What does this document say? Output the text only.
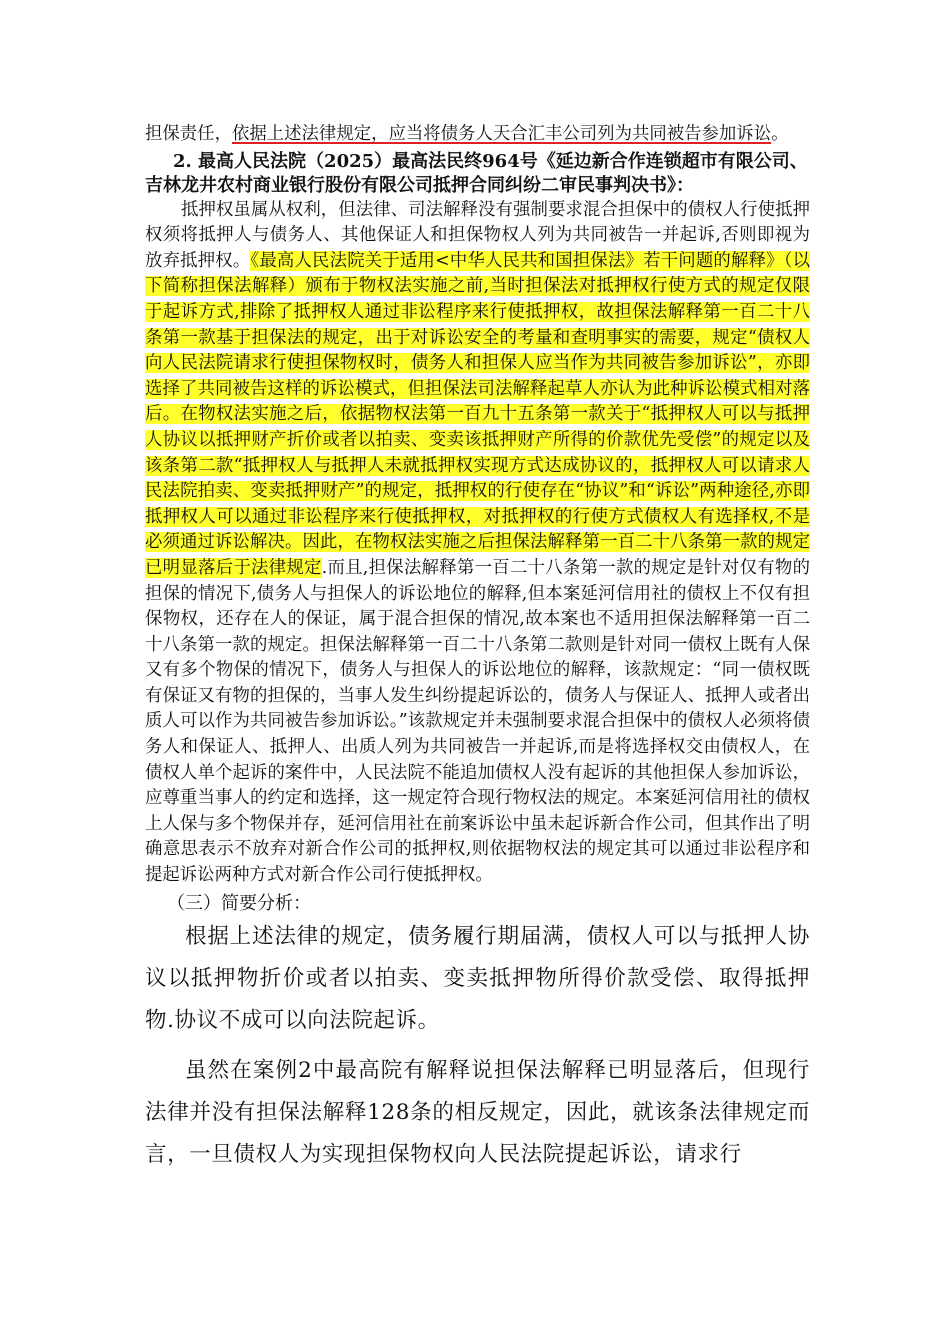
担保责任，依据上述法律规定，应当将债务人天合汇丰公司列为共同被告参加诉讼。

2. 最高人民法院（2025）最高法民终964号《延边新合作连锁超市有限公司、吉林龙井农村商业银行股份有限公司抵押合同纠纷二审民事判决书》：

抵押权虽属从权利，但法律、司法解释没有强制要求混合担保中的债权人行使抵押权须将抵押人与债务人、其他保证人和担保物权人列为共同被告一并起诉,否则即视为放弃抵押权。《最高人民法院关于适用<中华人民共和国担保法》若干问题的解释》（以下简称担保法解释）颁布于物权法实施之前,当时担保法对抵押权行使方式的规定仅限于起诉方式,排除了抵押权人通过非讼程序来行使抵押权，故担保法解释第一百二十八条第一款基于担保法的规定，出于对诉讼安全的考量和查明事实的需要，规定“债权人向人民法院请求行使担保物权时，债务人和担保人应当作为共同被告参加诉讼”，亦即选择了共同被告这样的诉讼模式，但担保法司法解释起草人亦认为此种诉讼模式相对落后。在物权法实施之后，依据物权法第一百九十五条第一款关于“抵押权人可以与抵押人协议以抵押财产折价或者以拍卖、变卖该抵押财产所得的价款优先受偿”的规定以及该条第二款“抵押权人与抵押人未就抵押权实现方式达成协议的，抵押权人可以请求人民法院拍卖、变卖抵押财产”的规定，抵押权的行使存在“协议”和“诉讼”两种途径,亦即抵押权人可以通过非讼程序来行使抵押权，对抵押权的行使方式债权人有选择权,不是必须通过诉讼解决。因此，在物权法实施之后担保法解释第一百二十八条第一款的规定已明显落后于法律规定.而且,担保法解释第一百二十八条第一款的规定是针对仅有物的担保的情况下,债务人与担保人的诉讼地位的解释,但本案延河信用社的债权上不仅有担保物权，还存在人的保证，属于混合担保的情况,故本案也不适用担保法解释第一百二十八条第一款的规定。担保法解释第一百二十八条第二款则是针对同一债权上既有人保又有多个物保的情况下，债务人与担保人的诉讼地位的解释，该款规定：“同一债权既有保证又有物的担保的，当事人发生纠纷提起诉讼的，债务人与保证人、抵押人或者出质人可以作为共同被告参加诉讼。”该款规定并未强制要求混合担保中的债权人必须将债务人和保证人、抵押人、出质人列为共同被告一并起诉,而是将选择权交由债权人，在债权人单个起诉的案件中，人民法院不能追加债权人没有起诉的其他担保人参加诉讼，应尊重当事人的约定和选择，这一规定符合现行物权法的规定。本案延河信用社的债权上人保与多个物保并存，延河信用社在前案诉讼中虽未起诉新合作公司，但其作出了明确意思表示不放弃对新合作公司的抵押权,则依据物权法的规定其可以通过非讼程序和提起诉讼两种方式对新合作公司行使抵押权。

（三）简要分析：

根据上述法律的规定，债务履行期届满，债权人可以与抵押人协议以抵押物折价或者以拍卖、变卖抵押物所得价款受偿、取得抵押物.协议不成可以向法院起诉。

虽然在案例2中最高院有解释说担保法解释已明显落后，但现行法律并没有担保法解释128条的相反规定，因此，就该条法律规定而言，一旦债权人为实现担保物权向人民法院提起诉讼，请求行
